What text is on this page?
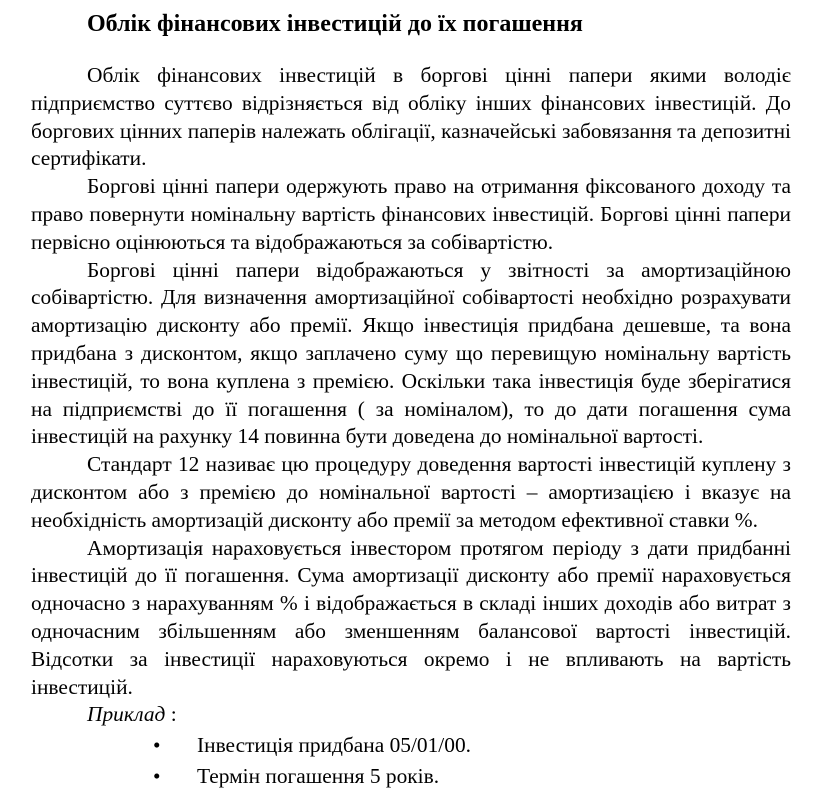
Облік фінансових інвестицій до їх погашення

Облік фінансових інвестицій в боргові цінні папери якими володіє підприємство суттєво відрізняється від обліку інших фінансових інвестицій. До боргових цінних паперів належать облігації, казначейські забовязання та депозитні сертифікати.

Боргові цінні папери одержують право на отримання фіксованого доходу та право повернути номінальну вартість фінансових інвестицій. Боргові цінні папери первісно оцінюються та відображаються за собівартістю.

Боргові цінні папери відображаються у звітності за амортизаційною собівартістю. Для визначення амортизаційної собівартості необхідно розрахувати амортизацію дисконту або премії. Якщо інвестиція придбана дешевше, та вона придбана з дисконтом, якщо заплачено суму що перевищую номінальну вартість інвестицій, то вона куплена з премією. Оскільки така інвестиція буде зберігатися на підприємстві до її погашення ( за номіналом), то до дати погашення сума інвестицій на рахунку 14 повинна бути доведена до номінальної вартості.

Стандарт 12 називає цю процедуру доведення вартості інвестицій куплену з дисконтом або з премією до номінальної вартості – амортизацією і вказує на необхідність амортизацій дисконту або премії за методом ефективної ставки %.

Амортизація нараховується інвестором протягом періоду з дати придбанні інвестицій до її погашення. Сума амортизації дисконту або премії нараховується одночасно з нарахуванням % і відображається в складі інших доходів або витрат з одночасним збільшенням або зменшенням балансової вартості інвестицій. Відсотки за інвестиції нараховуються окремо і не впливають на вартість інвестицій.

Приклад :

• Інвестиція придбана 05/01/00.
• Термін погашення 5 років.
